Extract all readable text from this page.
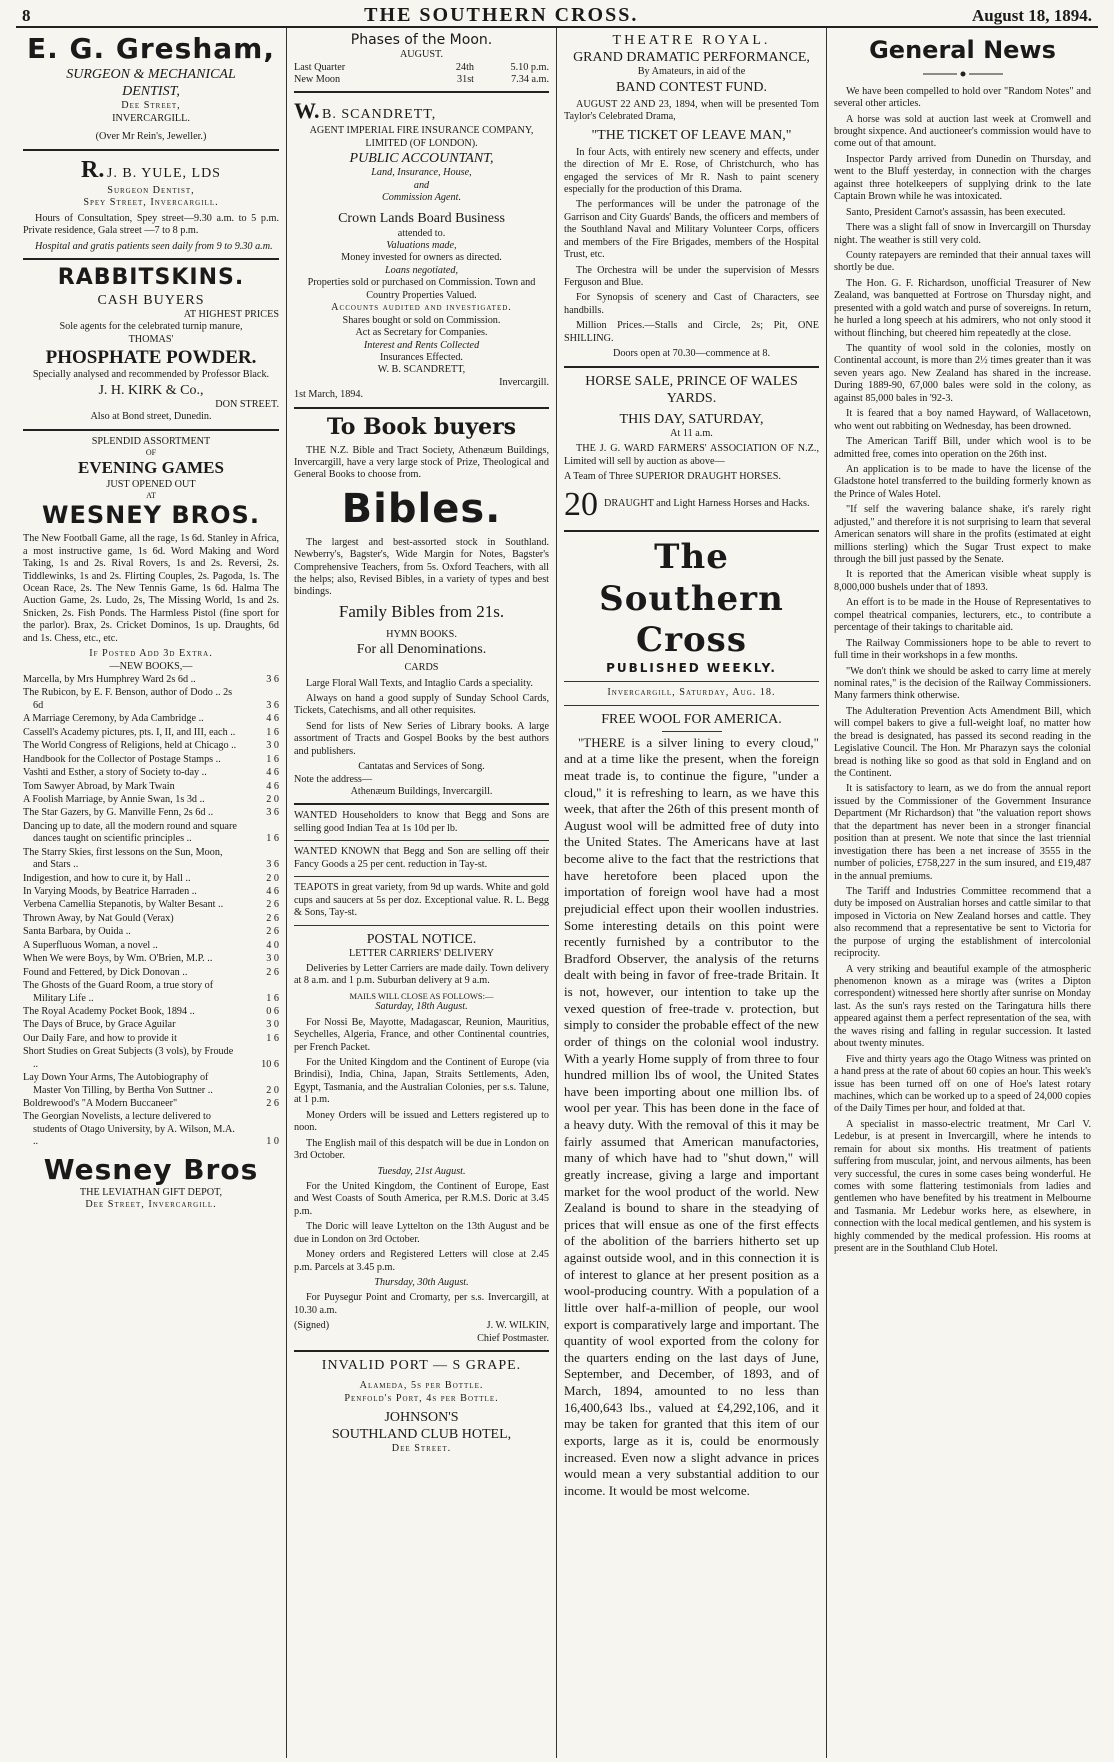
8	THE SOUTHERN CROSS.	August 18, 1894.
E. G. Gresham,
SURGEON & MECHANICAL
DENTIST,
Dee Street,
INVERCARGILL.
(Over Mr Rein's, Jeweller.)
R. J. B. YULE, LDS
Surgeon Dentist,
Spey Street, Invercargill.
Hours of Consultation, Spey street—9.30 a.m. to 5 p.m. Private residence, Gala street —7 to 8 p.m.
Hospital and gratis patients seen daily from 9 to 9.30 a.m.
RABBITSKINS.
CASH BUYERS
AT HIGHEST PRICES
Sole agents for the celebrated turnip manure,
THOMAS'
PHOSPHATE POWDER.
Specially analysed and recommended by Professor Black.
J. H. KIRK & Co.,
DON STREET.
Also at Bond street, Dunedin.
SPLENDID ASSORTMENT
OF
EVENING GAMES
JUST OPENED OUT
AT
WESNEY BROS.
The New Football Game, all the rage, 1s 6d. Stanley in Africa, a most instructive game, 1s 6d. Word Making and Word Taking, 1s and 2s. Rival Rovers, 1s and 2s. Reversi, 2s. Tiddlewinks, 1s and 2s. Flirting Couples, 2s. Pagoda, 1s. The Ocean Race, 2s. The New Tennis Game, 1s 6d. Halma The Auction Game, 2s. Ludo, 2s, The Missing World, 1s and 2s. Snicken, 2s. Fish Ponds. The Harmless Pistol (fine sport for the parlor). Brax, 2s. Cricket Dominos, 1s up. Draughts, 6d and 1s. Chess, etc., etc.
If Posted Add 3d Extra.
—NEW BOOKS,—
Marcella, by Mrs Humphrey Ward 2s 6d ..	3 6
The Rubicon, by E. F. Benson, author of Dodo .. 2s 6d	3 6
A Marriage Ceremony, by Ada Cambridge ..	4 6
Cassell's Academy pictures, pts. I, II, and III, each ..	1 6
The World Congress of Religions, held at Chicago ..	3 0
Handbook for the Collector of Postage Stamps ..	1 6
Vashti and Esther, a story of Society to-day ..	4 6
Tom Sawyer Abroad, by Mark Twain	4 6
A Foolish Marriage, by Annie Swan, 1s 3d ..	2 0
The Star Gazers, by G. Manville Fenn, 2s 6d ..	3 6
Dancing up to date, all the modern round and square dances taught on scientific principles ..	1 6
The Starry Skies, first lessons on the Sun, Moon, and Stars ..	3 6
Indigestion, and how to cure it, by Hall ..	2 0
In Varying Moods, by Beatrice Harraden ..	4 6
Verbena Camellia Stepanotis, by Walter Besant ..	2 6
Thrown Away, by Nat Gould (Verax)	2 6
Santa Barbara, by Ouida ..	2 6
A Superfluous Woman, a novel ..	4 0
When We were Boys, by Wm. O'Brien, M.P. ..	3 0
Found and Fettered, by Dick Donovan ..	2 6
The Ghosts of the Guard Room, a true story of Military Life ..	1 6
The Royal Academy Pocket Book, 1894 ..	0 6
The Days of Bruce, by Grace Aguilar	3 0
Our Daily Fare, and how to provide it	1 6
Short Studies on Great Subjects (3 vols), by Froude ..	10 6
Lay Down Your Arms, The Autobiography of Master Von Tilling, by Bertha Von Suttner ..	2 0
Boldrewood's "A Modern Buccaneer"	2 6
The Georgian Novelists, a lecture delivered to students of Otago University, by A. Wilson, M.A. ..	1 0
Wesney Bros
THE LEVIATHAN GIFT DEPOT,
Dee Street, Invercargill.
Phases of the Moon.
AUGUST.
Last Quarter	24th	5.10 p.m.
New Moon	31st	7.34 a.m.
W. B. SCANDRETT,
AGENT IMPERIAL FIRE INSURANCE COMPANY, LIMITED (OF LONDON).
PUBLIC ACCOUNTANT,
Land, Insurance, House,
and
Commission Agent.
Crown Lands Board Business
attended to.
Valuations made,
Money invested for owners as directed.
Loans negotiated,
Properties sold or purchased on Commission. Town and Country Properties Valued.
Accounts audited and investigated.
Shares bought or sold on Commission.
Act as Secretary for Companies.
Interest and Rents Collected
Insurances Effected.
W. B. SCANDRETT,
Invercargill.
1st March, 1894.
To Book buyers
THE N.Z. Bible and Tract Society, Athenæum Buildings, Invercargill, have a very large stock of Prize, Theological and General Books to choose from.
Bibles.
The largest and best-assorted stock in Southland. Newberry's, Bagster's, Wide Margin for Notes, Bagster's Comprehensive Teachers, from 5s. Oxford Teachers, with all the helps; also, Revised Bibles, in a variety of types and best bindings.
Family Bibles from 21s.
HYMN BOOKS.
For all Denominations.
CARDS
Large Floral Wall Texts, and Intaglio Cards a speciality.
Always on hand a good supply of Sunday School Cards, Tickets, Catechisms, and all other requisites.
Send for lists of New Series of Library books. A large assortment of Tracts and Gospel Books by the best authors and publishers.
Cantatas and Services of Song.
Note the address—
Athenæum Buildings, Invercargill.
WANTED Householders to know that Begg and Sons are selling good Indian Tea at 1s 10d per lb.
WANTED KNOWN that Begg and Son are selling off their Fancy Goods a 25 per cent. reduction in Tay-st.
TEAPOTS in great variety, from 9d up wards. White and gold cups and saucers at 5s per doz. Exceptional value. R. L. Begg & Sons, Tay-st.
POSTAL NOTICE.
LETTER CARRIERS' DELIVERY
Deliveries by Letter Carriers are made daily. Town delivery at 8 a.m. and 1 p.m. Suburban delivery at 9 a.m.
MAILS WILL CLOSE AS FOLLOWS:—
Saturday, 18th August.
For Nossi Be, Mayotte, Madagascar, Reunion, Mauritius, Seychelles, Algeria, France, and other Continental countries, per French Packet.
For the United Kingdom and the Continent of Europe (via Brindisi), India, China, Japan, Straits Settlements, Aden, Egypt, Tasmania, and the Australian Colonies, per s.s. Talune, at 1 p.m.
Money Orders will be issued and Letters registered up to noon.
The English mail of this despatch will be due in London on 3rd October.
Tuesday, 21st August.
For the United Kingdom, the Continent of Europe, East and West Coasts of South America, per R.M.S. Doric at 3.45 p.m.
The Doric will leave Lyttelton on the 13th August and be due in London on 3rd October.
Money orders and Registered Letters will close at 2.45 p.m. Parcels at 3.45 p.m.
Thursday, 30th August.
For Puysegur Point and Cromarty, per s.s. Invercargill, at 10.30 a.m.
(Signed)	J. W. WILKIN,
Chief Postmaster.
INVALID PORT — S GRAPE.
Alameda, 5s per Bottle.
Penfold's Port, 4s per Bottle.
JOHNSON'S
SOUTHLAND CLUB HOTEL,
Dee Street.
THEATRE ROYAL.
GRAND DRAMATIC PERFORMANCE,
By Amateurs, in aid of the
BAND CONTEST FUND.
AUGUST 22 AND 23, 1894, when will be presented Tom Taylor's Celebrated Drama,
"THE TICKET OF LEAVE MAN,"
In four Acts, with entirely new scenery and effects, under the direction of Mr E. Rose, of Christchurch, who has engaged the services of Mr R. Nash to paint scenery especially for the production of this Drama.
The performances will be under the patronage of the Garrison and City Guards' Bands, the officers and members of the Southland Naval and Military Volunteer Corps, officers and members of the Fire Brigades, members of the Hospital Trust, etc.
The Orchestra will be under the supervision of Messrs Ferguson and Blue.
For Synopsis of scenery and Cast of Characters, see handbills.
Million Prices.—Stalls and Circle, 2s; Pit, ONE SHILLING.
Doors open at 70.30—commence at 8.
HORSE SALE, PRINCE OF WALES YARDS.
THIS DAY, SATURDAY,
At 11 a.m.
THE J. G. WARD FARMERS' ASSOCIATION OF N.Z., Limited will sell by auction as above—
A Team of Three SUPERIOR DRAUGHT HORSES.
20 DRAUGHT and Light Harness Horses and Hacks.
The Southern Cross
PUBLISHED WEEKLY.
Invercargill, Saturday, Aug. 18.
FREE WOOL FOR AMERICA.
"THERE is a silver lining to every cloud," and at a time like the present, when the foreign meat trade is, to continue the figure, "under a cloud," it is refreshing to learn, as we have this week, that after the 26th of this present month of August wool will be admitted free of duty into the United States. The Americans have at last become alive to the fact that the restrictions that have heretofore been placed upon the importation of foreign wool have had a most prejudicial effect upon their woollen industries. Some interesting details on this point were recently furnished by a contributor to the Bradford Observer, the analysis of the returns dealt with being in favor of free-trade Britain. It is not, however, our intention to take up the vexed question of free-trade v. protection, but simply to consider the probable effect of the new order of things on the colonial wool industry. With a yearly Home supply of from three to four hundred million lbs of wool, the United States have been importing about one million lbs. of wool per year. This has been done in the face of a heavy duty. With the removal of this it may be fairly assumed that American manufactories, many of which have had to "shut down," will greatly increase, giving a large and important market for the wool product of the world. New Zealand is bound to share in the steadying of prices that will ensue as one of the first effects of the abolition of the barriers hitherto set up against outside wool, and in this connection it is of interest to glance at her present position as a wool-producing country. With a population of a little over half-a-million of people, our wool export is comparatively large and important. The quantity of wool exported from the colony for the quarters ending on the last days of June, September, and December, of 1893, and of March, 1894, amounted to no less than 16,400,643 lbs., valued at £4,292,106, and it may be taken for granted that this item of our exports, large as it is, could be enormously increased. Even now a slight advance in prices would mean a very substantial addition to our income. It would be most welcome.
General News
We have been compelled to hold over "Random Notes" and several other articles.
A horse was sold at auction last week at Cromwell and brought sixpence. And auctioneer's commission would have to come out of that amount.
Inspector Pardy arrived from Dunedin on Thursday, and went to the Bluff yesterday, in connection with the charges against three hotelkeepers of supplying drink to the late Captain Brown while he was intoxicated.
Santo, President Carnot's assassin, has been executed.
There was a slight fall of snow in Invercargill on Thursday night. The weather is still very cold.
County ratepayers are reminded that their annual taxes will shortly be due.
The Hon. G. F. Richardson, unofficial Treasurer of New Zealand, was banquetted at Fortrose on Thursday night, and presented with a gold watch and purse of sovereigns. In return, he hurled a long speech at his admirers, who not only stood it without flinching, but cheered him repeatedly at the close.
The quantity of wool sold in the colonies, mostly on Continental account, is more than 2½ times greater than it was seven years ago. New Zealand has shared in the increase. During 1889-90, 67,000 bales were sold in the colony, as against 85,000 bales in '92-3.
It is feared that a boy named Hayward, of Wallacetown, who went out rabbiting on Wednesday, has been drowned.
The American Tariff Bill, under which wool is to be admitted free, comes into operation on the 26th inst.
An application is to be made to have the license of the Gladstone hotel transferred to the building formerly known as the Prince of Wales Hotel.
"If self the wavering balance shake, it's rarely right adjusted," and therefore it is not surprising to learn that several American senators will share in the profits (estimated at eight millions sterling) which the Sugar Trust expect to make through the bill just passed by the Senate.
It is reported that the American visible wheat supply is 8,000,000 bushels under that of 1893.
An effort is to be made in the House of Representatives to compel theatrical companies, lecturers, etc., to contribute a percentage of their takings to charitable aid.
The Railway Commissioners hope to be able to revert to full time in their workshops in a few months.
"We don't think we should be asked to carry lime at merely nominal rates," is the decision of the Railway Commissioners. Many farmers think otherwise.
The Adulteration Prevention Acts Amendment Bill, which will compel bakers to give a full-weight loaf, no matter how the bread is designated, has passed its second reading in the Legislative Council. The Hon. Mr Pharazyn says the colonial bread is nothing like so good as that sold in England and on the Continent.
It is satisfactory to learn, as we do from the annual report issued by the Commissioner of the Government Insurance Department (Mr Richardson) that "the valuation report shows that the department has never been in a stronger financial position than at present. We note that since the last triennial investigation there has been a net increase of 3555 in the number of policies, £758,227 in the sum insured, and £19,487 in the annual premiums.
The Tariff and Industries Committee recommend that a duty be imposed on Australian horses and cattle similar to that imposed in Victoria on New Zealand horses and cattle. They also recommend that a representative be sent to Victoria for the purpose of urging the establishment of intercolonial reciprocity.
A very striking and beautiful example of the atmospheric phenomenon known as a mirage was (writes a Dipton correspondent) witnessed here shortly after sunrise on Monday last. As the sun's rays rested on the Taringatura hills there appeared against them a perfect representation of the sea, with the waves rising and falling in regular succession. It lasted about twenty minutes.
Five and thirty years ago the Otago Witness was printed on a hand press at the rate of about 60 copies an hour. This week's issue has been turned off on one of Hoe's latest rotary machines, which can be worked up to a speed of 24,000 copies of the Daily Times per hour, and folded at that.
A specialist in masso-electric treatment, Mr Carl V. Ledebur, is at present in Invercargill, where he intends to remain for about six months. His treatment of patients suffering from muscular, joint, and nervous ailments, has been very successful, the cures in some cases being wonderful. He comes with some flattering testimonials from ladies and gentlemen who have benefited by his treatment in Melbourne and Tasmania. Mr Ledebur works here, as elsewhere, in connection with the local medical gentlemen, and his system is highly commended by the medical profession. His rooms at present are in the Southland Club Hotel.
